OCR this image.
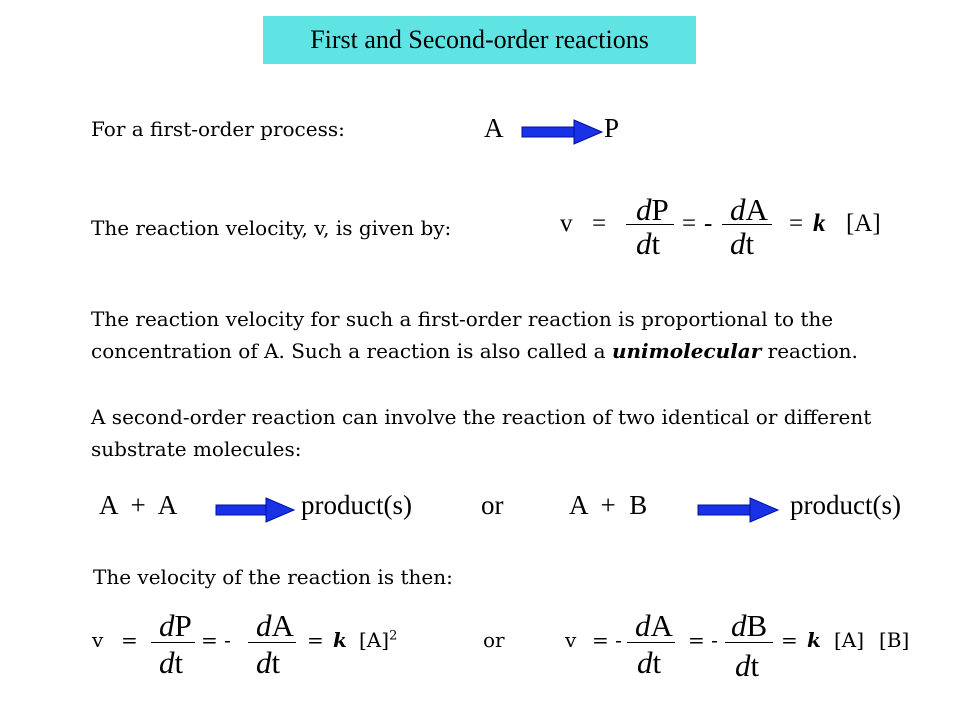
First and Second-order reactions
For a first-order process:	A	P
The reaction velocity, v, is given by:	v = dP
dt
= - dA
dt
= k [A]
The reaction velocity for such a first-order reaction is proportional to the
concentration of A. Such a reaction is also called a unimolecular reaction.
A second-order reaction can involve the reaction of two identical or different
substrate molecules:
A  +  A	product(s)	or A  +  B	product(s)
The velocity of the reaction is then:
v = dP
dt
= - dA
dt
= k $[A]^2$	or	v = - dA
dt
= - dB
dt
= k [A] [B]
